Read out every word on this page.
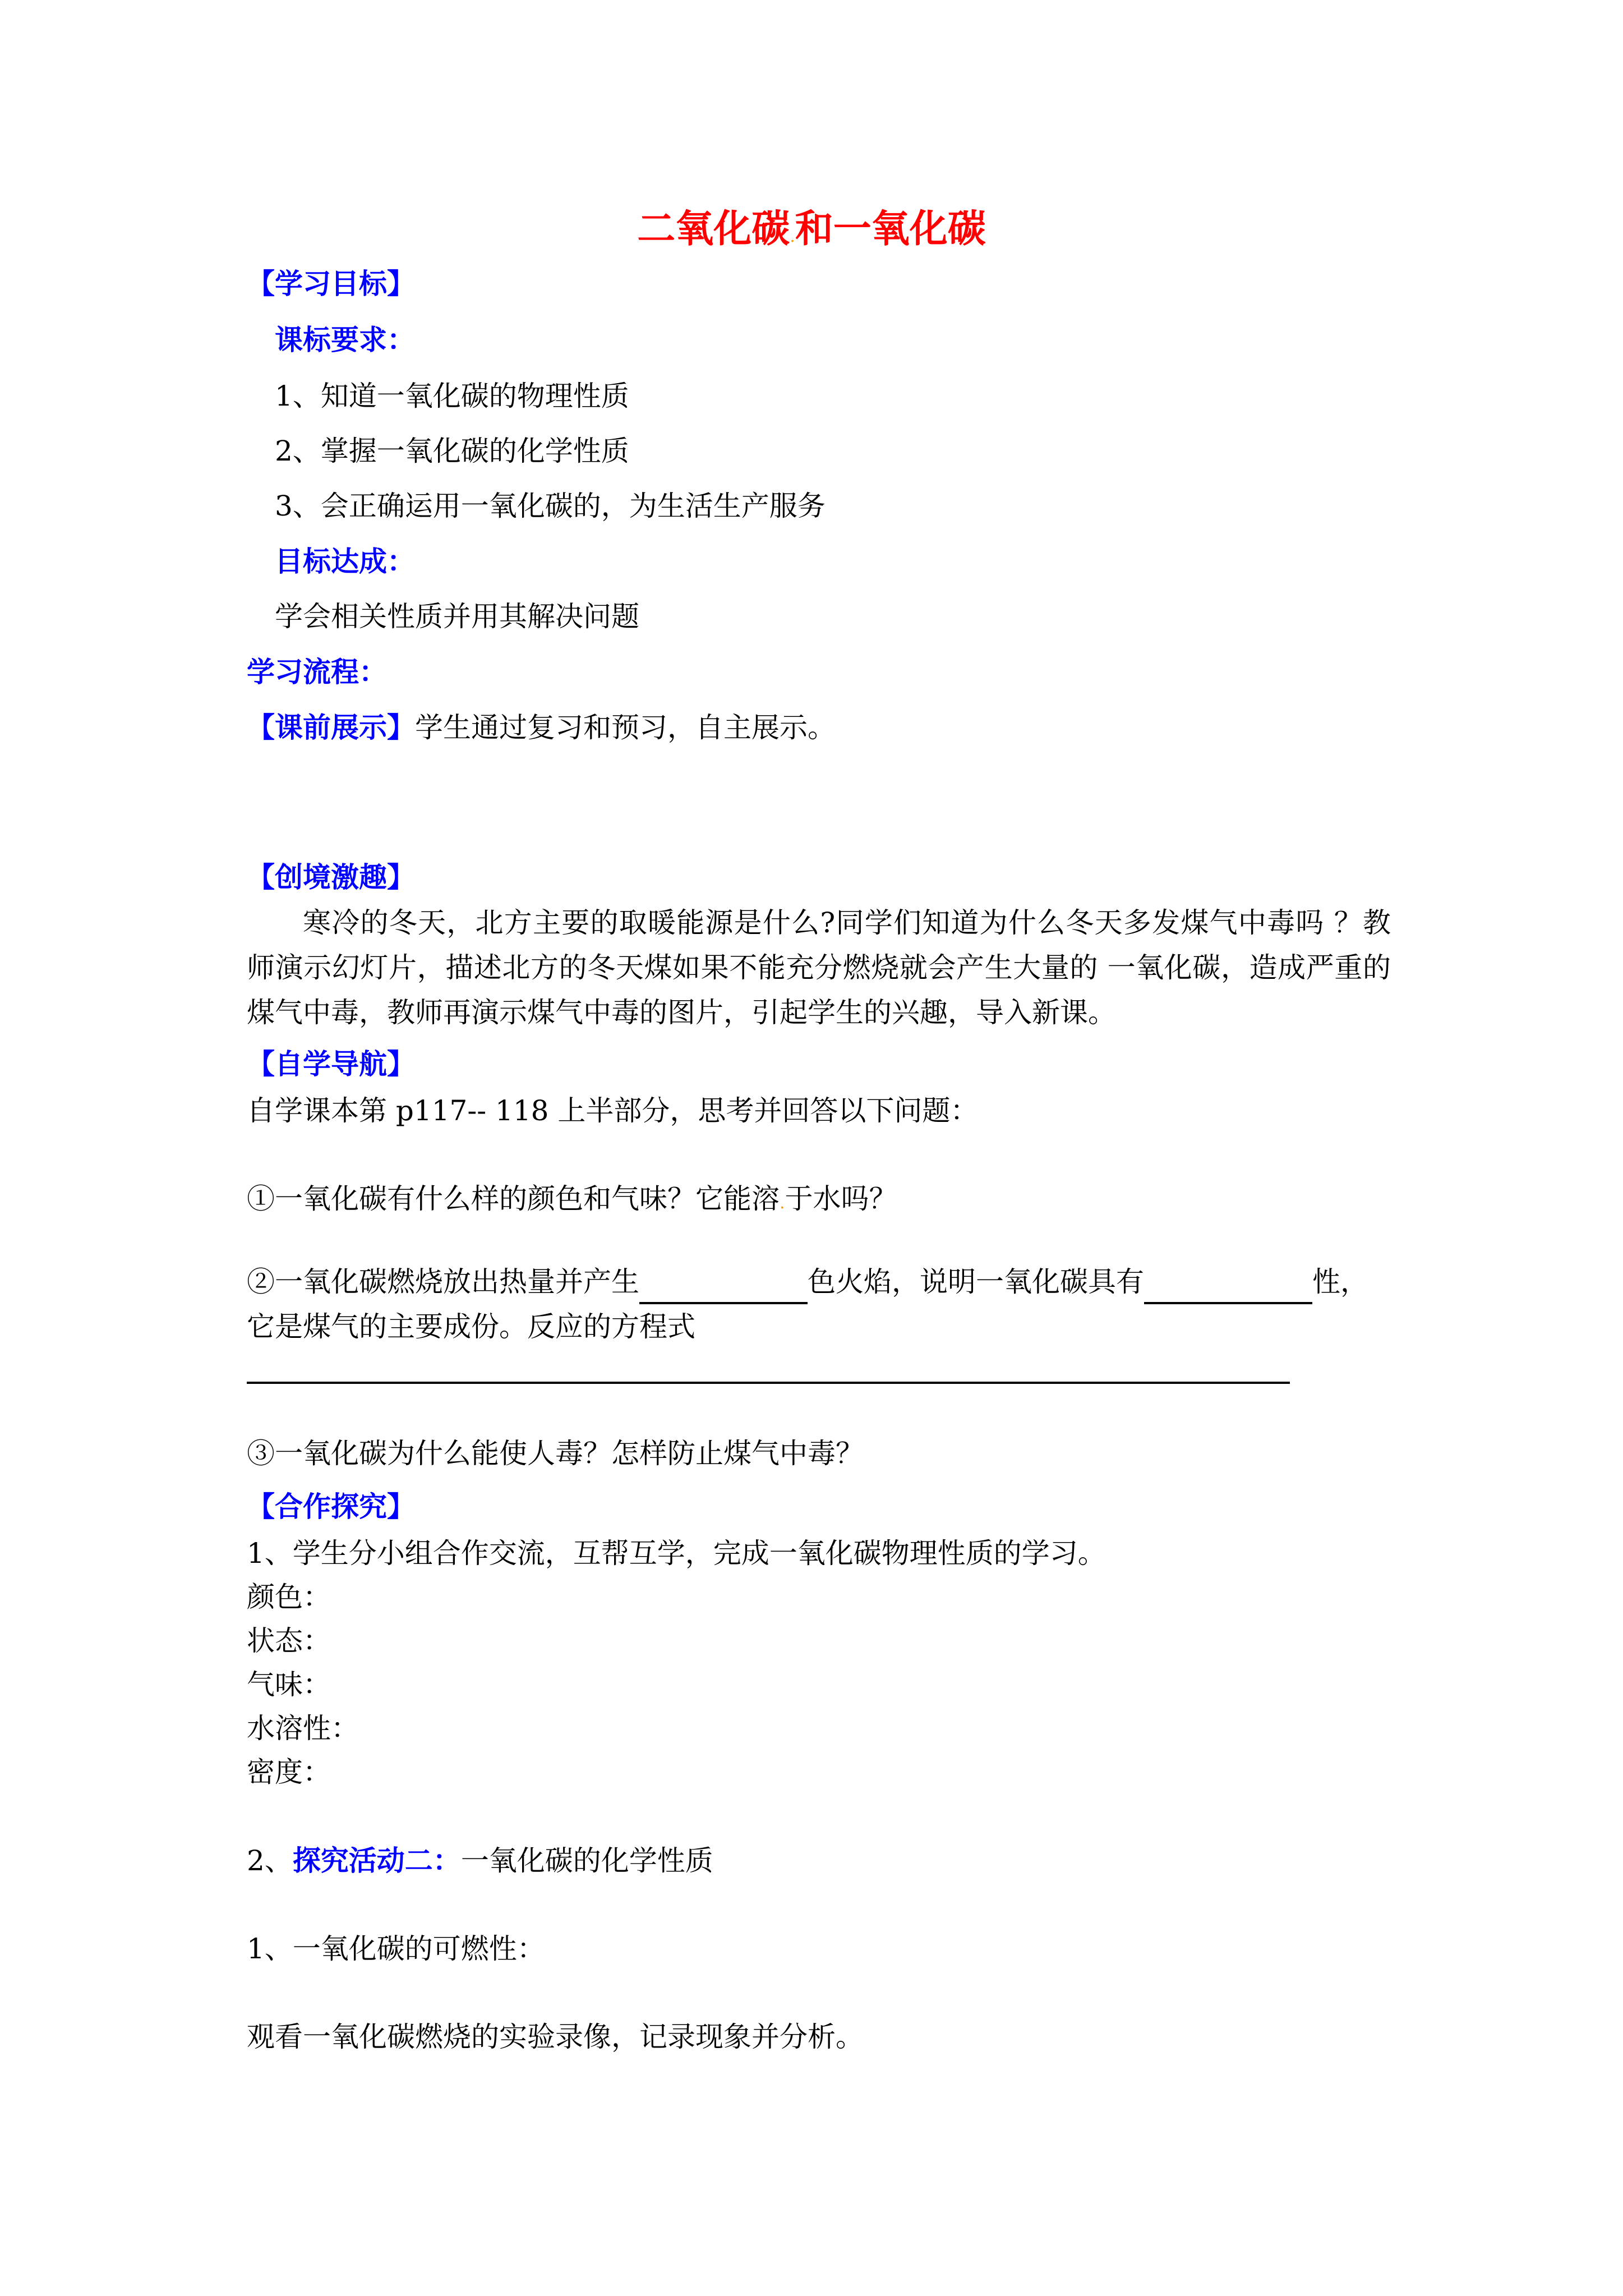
二氧化碳.和一氧化碳
【学习目标】
课标要求：
1、知道一氧化碳的物理性质
2、掌握一氧化碳的化学性质
3、会正确运用一氧化碳的，为生活生产服务
目标达成：
学会相关性质并用其解决问题
学习流程：
【课前展示】学生通过复习和预习，自主展示。
【创境激趣】
寒冷的冬天，北方主要的取暖能源是什么?同学们知道为什么冬天多发煤气中毒吗 ？教师演示幻灯片，描述北方的冬天煤如果不能充分燃烧就会产生大量的 一氧化碳，造成严重的煤气中毒，教师再演示煤气中毒的图片，引起学生的兴趣，导入新课。
【自学导航】
自学课本第 p117-- 118 上半部分，思考并回答以下问题：
①一氧化碳有什么样的颜色和气味？它能溶.于水吗？
②一氧化碳燃烧放出热量并产生	色火焰，说明一氧化碳具有	性，
它是煤气的主要成份。反应的方程式
③一氧化碳为什么能使人毒？怎样防止煤气中毒？
【合作探究】
1、学生分小组合作交流，互帮互学，完成一氧化碳物理性质的学习。
颜色：
状态：
气味：
水溶性：
密度：
2、探究活动二：一氧化碳的化学性质
1、一氧化碳的可燃性：
观看一氧化碳燃烧的实验录像，记录现象并分析。
